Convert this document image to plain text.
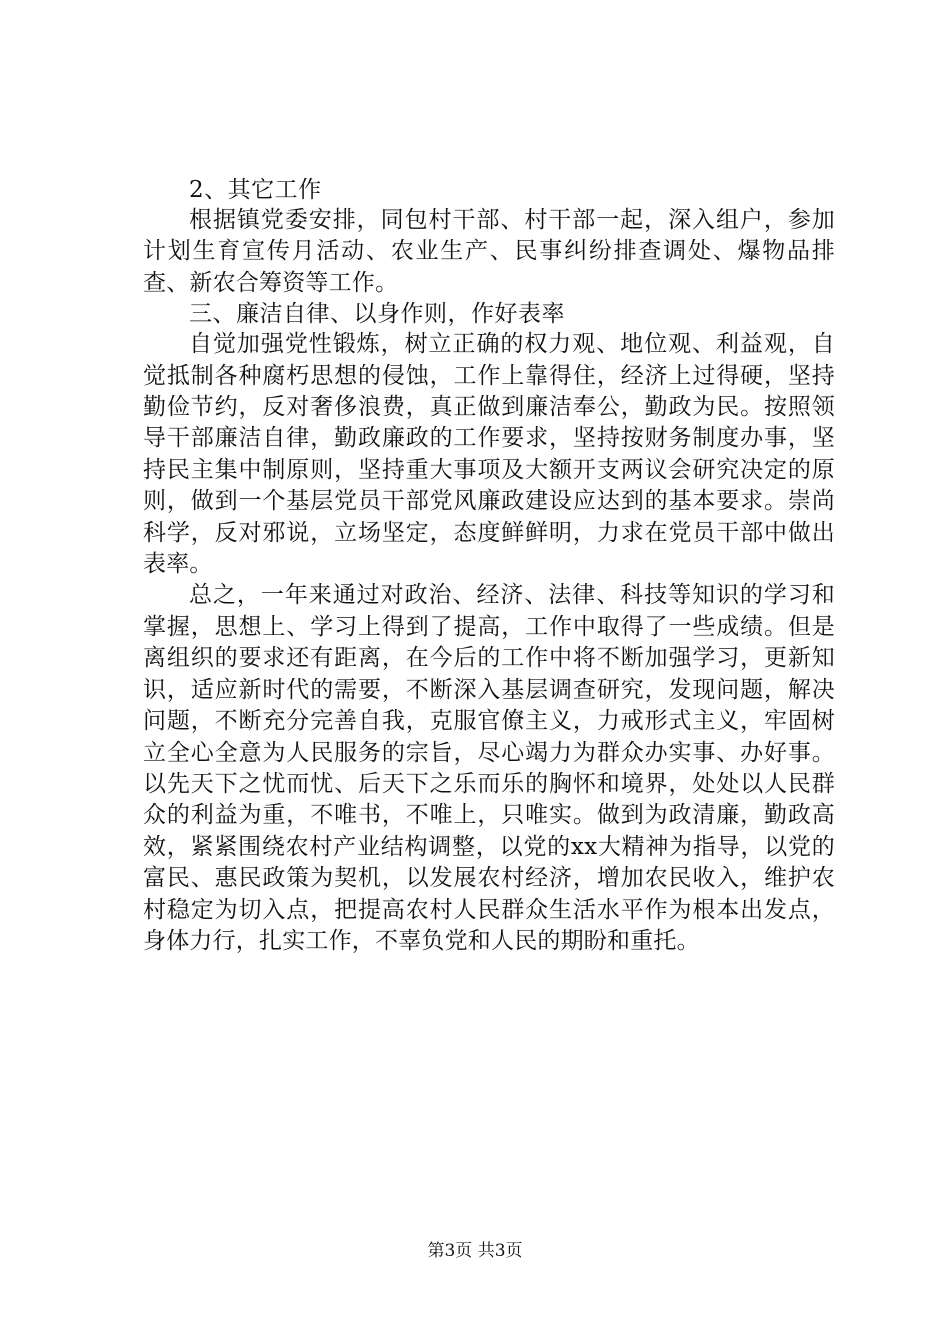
2、其它工作

根据镇党委安排，同包村干部、村干部一起，深入组户，参加计划生育宣传月活动、农业生产、民事纠纷排查调处、爆物品排查、新农合筹资等工作。

三、廉洁自律、以身作则，作好表率

自觉加强党性锻炼，树立正确的权力观、地位观、利益观，自觉抵制各种腐朽思想的侵蚀，工作上靠得住，经济上过得硬，坚持勤俭节约，反对奢侈浪费，真正做到廉洁奉公，勤政为民。按照领导干部廉洁自律，勤政廉政的工作要求，坚持按财务制度办事，坚持民主集中制原则，坚持重大事项及大额开支两议会研究决定的原则，做到一个基层党员干部党风廉政建设应达到的基本要求。崇尚科学，反对邪说，立场坚定，态度鲜鲜明，力求在党员干部中做出表率。

总之，一年来通过对政治、经济、法律、科技等知识的学习和掌握，思想上、学习上得到了提高，工作中取得了一些成绩。但是离组织的要求还有距离，在今后的工作中将不断加强学习，更新知识，适应新时代的需要，不断深入基层调查研究，发现问题，解决问题，不断充分完善自我，克服官僚主义，力戒形式主义，牢固树立全心全意为人民服务的宗旨，尽心竭力为群众办实事、办好事。以先天下之忧而忧、后天下之乐而乐的胸怀和境界，处处以人民群众的利益为重，不唯书，不唯上，只唯实。做到为政清廉，勤政高效，紧紧围绕农村产业结构调整，以党的xx大精神为指导，以党的富民、惠民政策为契机，以发展农村经济，增加农民收入，维护农村稳定为切入点，把提高农村人民群众生活水平作为根本出发点，身体力行，扎实工作，不辜负党和人民的期盼和重托。

第3页 共3页
